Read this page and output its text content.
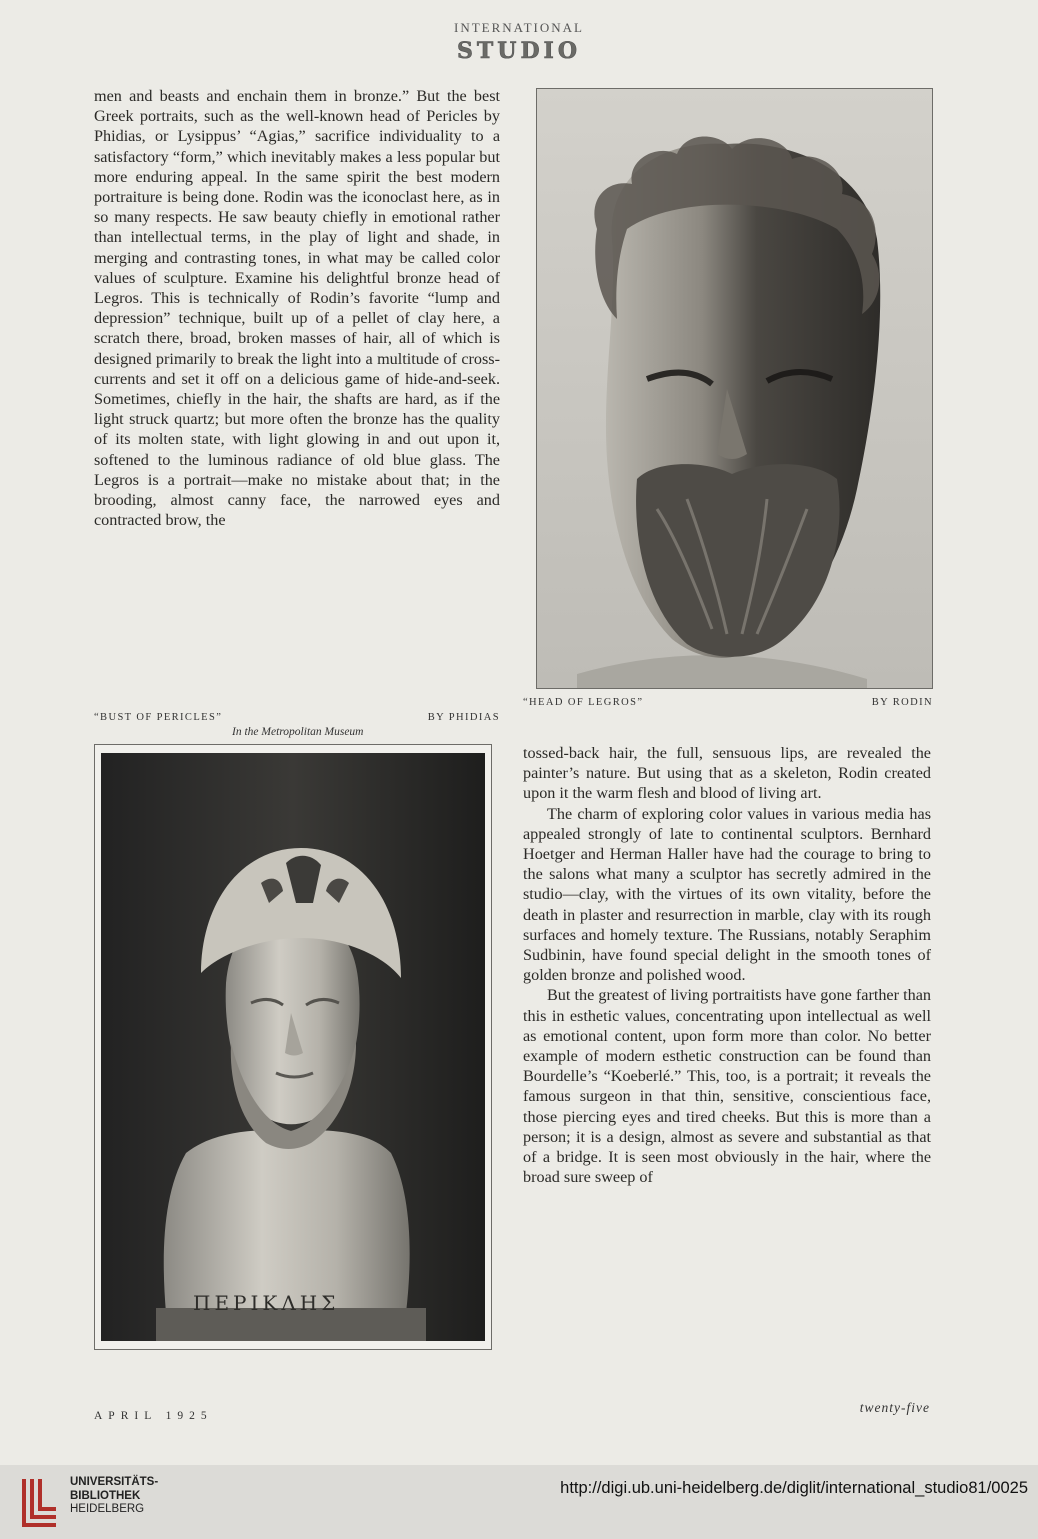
INTERNATIONAL
STUDIO

men and beasts and enchain them in bronze.” But the best Greek portraits, such as the well-known head of Pericles by Phidias, or Lysippus’ “Agias,” sacrifice individuality to a satisfactory “form,” which inevitably makes a less popular but more enduring appeal. In the same spirit the best modern portraiture is being done. Rodin was the iconoclast here, as in so many respects. He saw beauty chiefly in emotional rather than intellectual terms, in the play of light and shade, in merging and contrasting tones, in what may be called color values of sculpture. Examine his delightful bronze head of Legros. This is technically of Rodin’s favorite “lump and depression” technique, built up of a pellet of clay here, a scratch there, broad, broken masses of hair, all of which is designed primarily to break the light into a multitude of cross-currents and set it off on a delicious game of hide-and-seek. Sometimes, chiefly in the hair, the shafts are hard, as if the light struck quartz; but more often the bronze has the quality of its molten state, with light glowing in and out upon it, softened to the luminous radiance of old blue glass. The Legros is a portrait—make no mistake about that; in the brooding, almost canny face, the narrowed eyes and contracted brow, the

“HEAD OF LEGROS”	BY RODIN
“BUST OF PERICLES”	BY PHIDIAS
In the Metropolitan Museum
ΠΕΡΙΚΛΗΣ

tossed-back hair, the full, sensuous lips, are revealed the painter’s nature. But using that as a skeleton, Rodin created upon it the warm flesh and blood of living art.

The charm of exploring color values in various media has appealed strongly of late to continental sculptors. Bernhard Hoetger and Herman Haller have had the courage to bring to the salons what many a sculptor has secretly admired in the studio—clay, with the virtues of its own vitality, before the death in plaster and resurrection in marble, clay with its rough surfaces and homely texture. The Russians, notably Seraphim Sudbinin, have found special delight in the smooth tones of golden bronze and polished wood.

But the greatest of living portraitists have gone farther than this in esthetic values, concentrating upon intellectual as well as emotional content, upon form more than color. No better example of modern esthetic construction can be found than Bourdelle’s “Koeberlé.” This, too, is a portrait; it reveals the famous surgeon in that thin, sensitive, conscientious face, those piercing eyes and tired cheeks. But this is more than a person; it is a design, almost as severe and substantial as that of a bridge. It is seen most obviously in the hair, where the broad sure sweep of

APRIL 1925
twenty-five
UNIVERSITÄTS-
BIBLIOTHEK
HEIDELBERG
http://digi.ub.uni-heidelberg.de/diglit/international_studio81/0025
